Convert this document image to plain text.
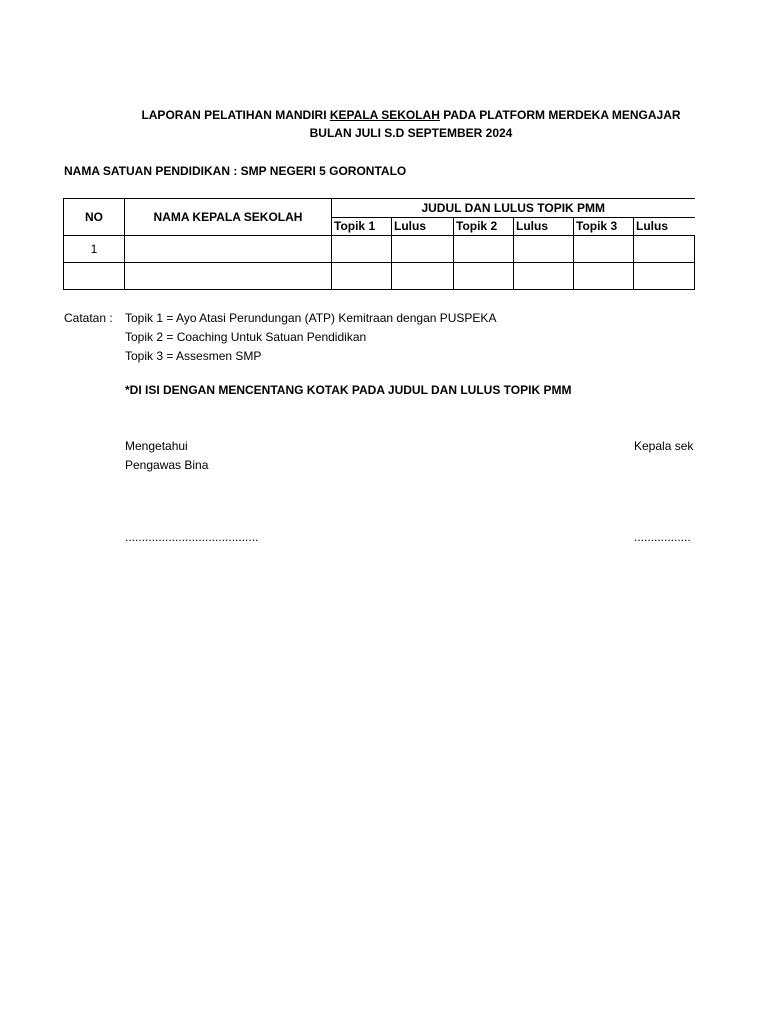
LAPORAN PELATIHAN MANDIRI KEPALA SEKOLAH PADA PLATFORM MERDEKA MENGAJAR
BULAN JULI S.D SEPTEMBER 2024
NAMA SATUAN PENDIDIKAN : SMP NEGERI 5 GORONTALO
NO	NAMA KEPALA SEKOLAH	JUDUL DAN LULUS TOPIK PMM					
		Topik 1	Lulus	Topik 2	Lulus	Topik 3	Lulus
1							

Catatan : Topik 1 = Ayo Atasi Perundungan (ATP) Kemitraan dengan PUSPEKA
Topik 2 = Coaching Untuk Satuan Pendidikan
Topik 3 = Assesmen SMP
*DI ISI DENGAN MENCENTANG KOTAK PADA JUDUL DAN LULUS TOPIK PMM
Mengetahui
Pengawas Bina
........................................
Kepala sek
.................
